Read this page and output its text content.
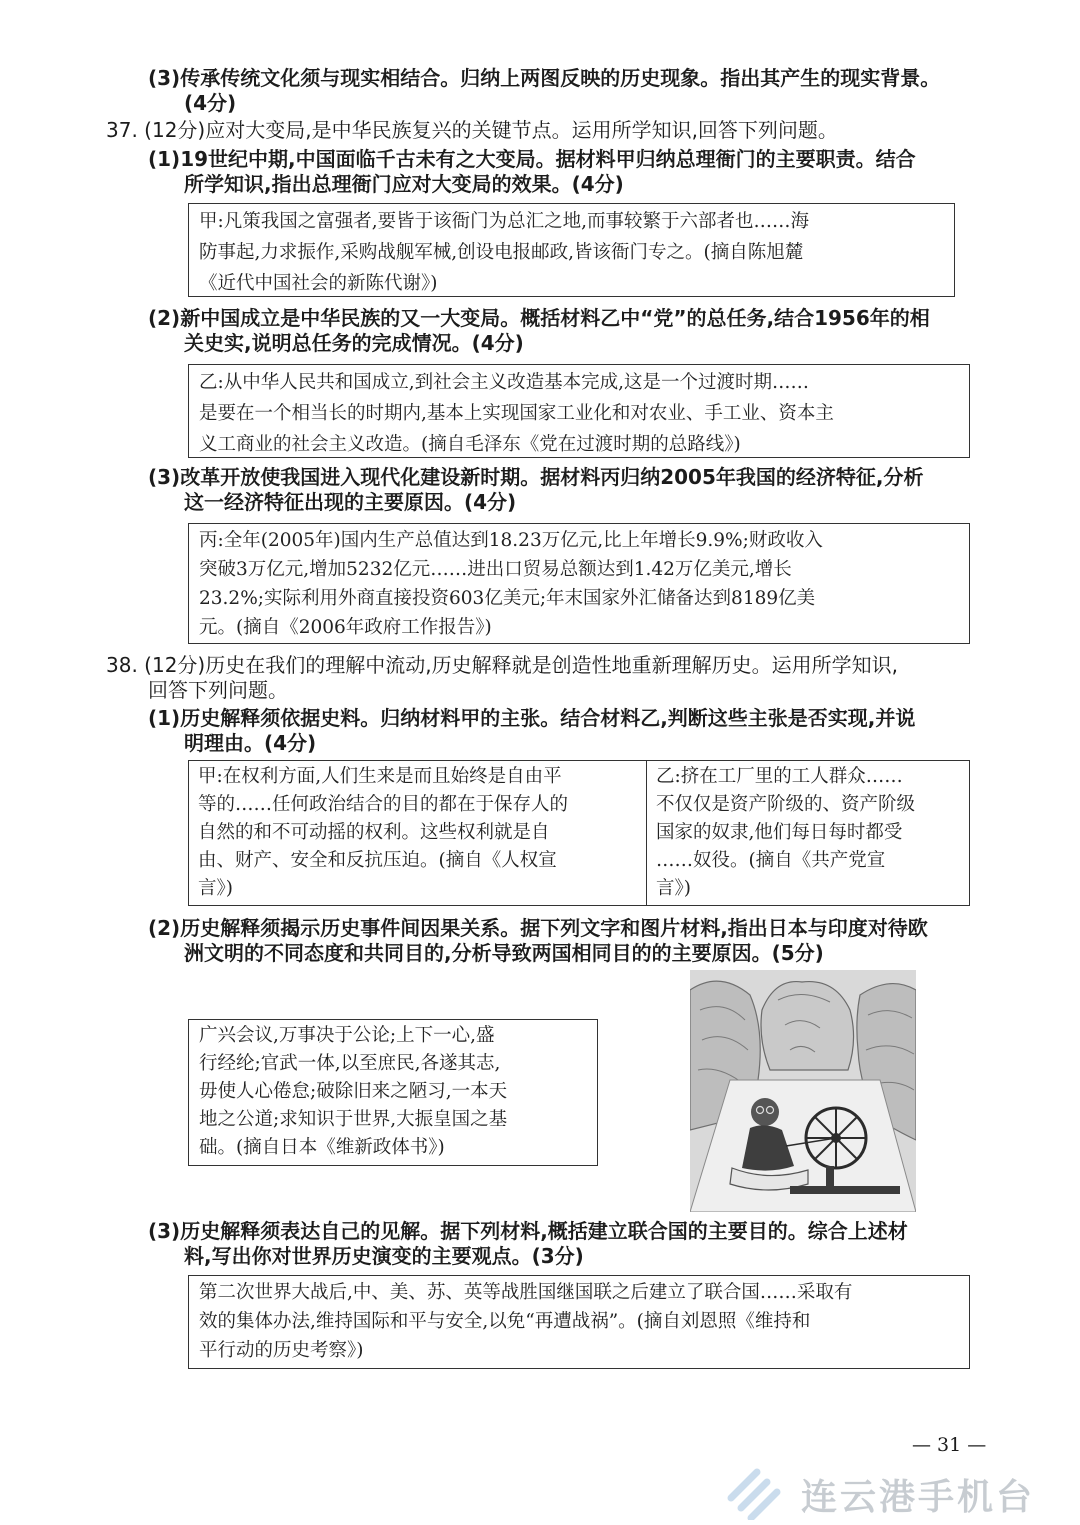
(3)传承传统文化须与现实相结合。归纳上两图反映的历史现象。指出其产生的现实背景。
(4分)
37. (12分)应对大变局,是中华民族复兴的关键节点。运用所学知识,回答下列问题。
(1)19世纪中期,中国面临千古未有之大变局。据材料甲归纳总理衙门的主要职责。结合
所学知识,指出总理衙门应对大变局的效果。(4分)
甲:凡策我国之富强者,要皆于该衙门为总汇之地,而事较繁于六部者也……海
防事起,力求振作,采购战舰军械,创设电报邮政,皆该衙门专之。(摘自陈旭麓
《近代中国社会的新陈代谢》)
(2)新中国成立是中华民族的又一大变局。概括材料乙中“党”的总任务,结合1956年的相
关史实,说明总任务的完成情况。(4分)
乙:从中华人民共和国成立,到社会主义改造基本完成,这是一个过渡时期……
是要在一个相当长的时期内,基本上实现国家工业化和对农业、手工业、资本主
义工商业的社会主义改造。(摘自毛泽东《党在过渡时期的总路线》)
(3)改革开放使我国进入现代化建设新时期。据材料丙归纳2005年我国的经济特征,分析
这一经济特征出现的主要原因。(4分)
丙:全年(2005年)国内生产总值达到18.23万亿元,比上年增长9.9%;财政收入
突破3万亿元,增加5232亿元……进出口贸易总额达到1.42万亿美元,增长
23.2%;实际利用外商直接投资603亿美元;年末国家外汇储备达到8189亿美
元。(摘自《2006年政府工作报告》)
38. (12分)历史在我们的理解中流动,历史解释就是创造性地重新理解历史。运用所学知识,
回答下列问题。
(1)历史解释须依据史料。归纳材料甲的主张。结合材料乙,判断这些主张是否实现,并说
明理由。(4分)
甲:在权利方面,人们生来是而且始终是自由平
等的……任何政治结合的目的都在于保存人的
自然的和不可动摇的权利。这些权利就是自
由、财产、安全和反抗压迫。(摘自《人权宣
言》)
乙:挤在工厂里的工人群众……
不仅仅是资产阶级的、资产阶级
国家的奴隶,他们每日每时都受
……奴役。(摘自《共产党宣
言》)
(2)历史解释须揭示历史事件间因果关系。据下列文字和图片材料,指出日本与印度对待欧
洲文明的不同态度和共同目的,分析导致两国相同目的的主要原因。(5分)
广兴会议,万事决于公论;上下一心,盛
行经纶;官武一体,以至庶民,各遂其志,
毋使人心倦怠;破除旧来之陋习,一本天
地之公道;求知识于世界,大振皇国之基
础。(摘自日本《维新政体书》)
(3)历史解释须表达自己的见解。据下列材料,概括建立联合国的主要目的。综合上述材
料,写出你对世界历史演变的主要观点。(3分)
第二次世界大战后,中、美、苏、英等战胜国继国联之后建立了联合国……采取有
效的集体办法,维持国际和平与安全,以免“再遭战祸”。(摘自刘恩照《维持和
平行动的历史考察》)
— 31 —
连云港手机台
